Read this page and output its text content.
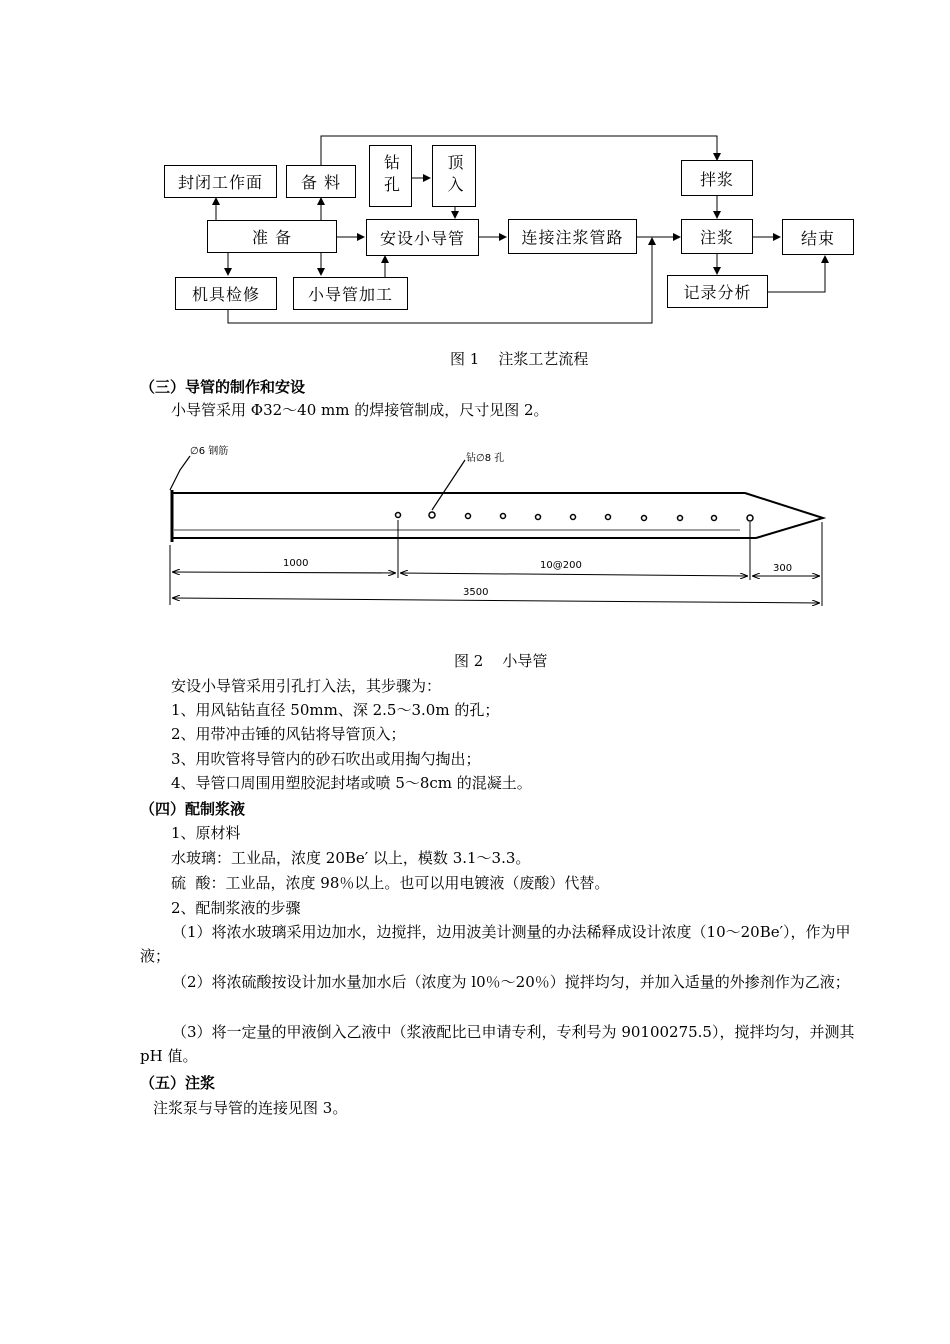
封闭工作面	备 料	钻孔	顶入	拌浆
准 备	安设小导管	连接注浆管路	注浆	结束
机具检修	小导管加工	记录分析
图 1    注浆工艺流程
（三）导管的制作和安设
小导管采用 Φ32～40 mm 的焊接管制成，尺寸见图 2。
∅6 钢筋
钻∅8 孔
1000	10@200	300
3500
图 2    小导管
安设小导管采用引孔打入法，其步骤为：
1、用风钻钻直径 50mm、深 2.5～3.0m 的孔；
2、用带冲击锤的风钻将导管顶入；
3、用吹管将导管内的砂石吹出或用掏勺掏出；
4、导管口周围用塑胶泥封堵或喷 5～8cm 的混凝土。
（四）配制浆液
1、原材料
水玻璃：工业品，浓度 20Be′ 以上，模数 3.1～3.3。
硫  酸：工业品，浓度 98％以上。也可以用电镀液（废酸）代替。
2、配制浆液的步骤
（1）将浓水玻璃采用边加水，边搅拌，边用波美计测量的办法稀释成设计浓度（10～20Be′），作为甲液；
（2）将浓硫酸按设计加水量加水后（浓度为 l0％～20％）搅拌均匀，并加入适量的外掺剂作为乙液；
（3）将一定量的甲液倒入乙液中（浆液配比已申请专利，专利号为 90100275.5），搅拌均匀，并测其 pH 值。
（五）注浆
注浆泵与导管的连接见图 3。
